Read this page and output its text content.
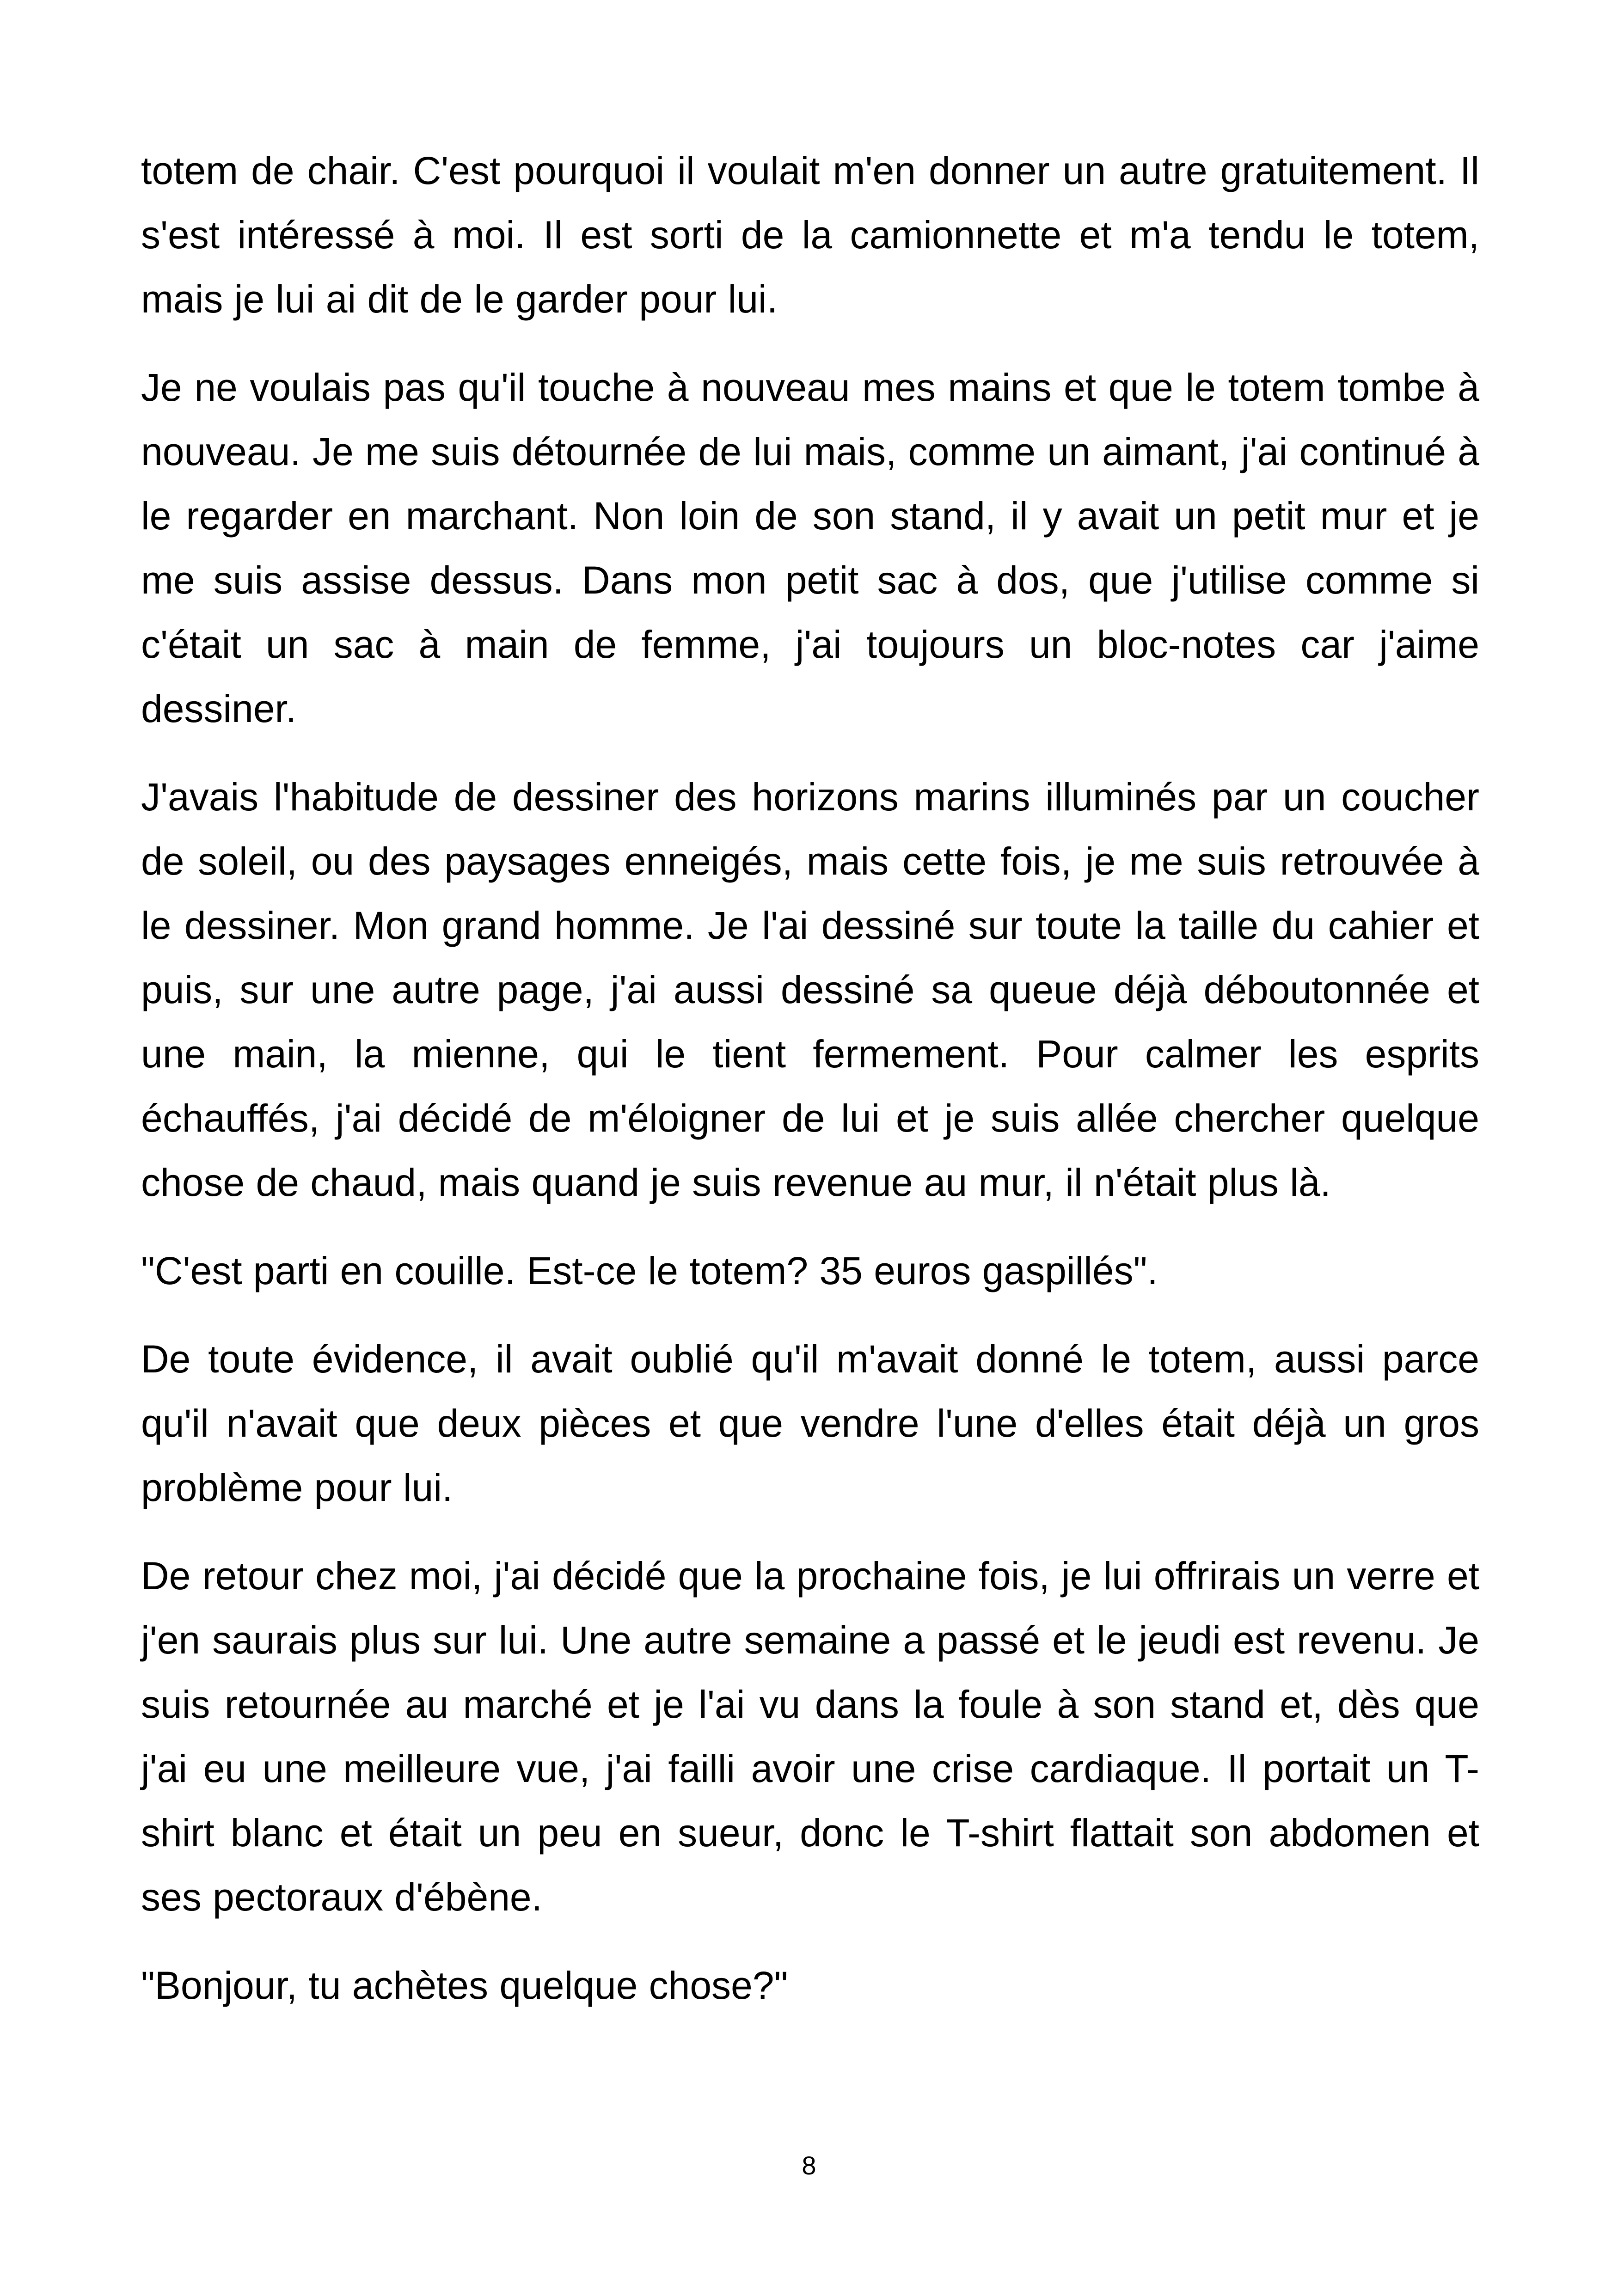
totem de chair. C'est pourquoi il voulait m'en donner un autre gratuitement. Il s'est intéressé à moi. Il est sorti de la camionnette et m'a tendu le totem, mais je lui ai dit de le garder pour lui.

Je ne voulais pas qu'il touche à nouveau mes mains et que le totem tombe à nouveau. Je me suis détournée de lui mais, comme un aimant, j'ai continué à le regarder en marchant. Non loin de son stand, il y avait un petit mur et je me suis assise dessus. Dans mon petit sac à dos, que j'utilise comme si c'était un sac à main de femme, j'ai toujours un bloc-notes car j'aime dessiner.

J'avais l'habitude de dessiner des horizons marins illuminés par un coucher de soleil, ou des paysages enneigés, mais cette fois, je me suis retrouvée à le dessiner. Mon grand homme. Je l'ai dessiné sur toute la taille du cahier et puis, sur une autre page, j'ai aussi dessiné sa queue déjà déboutonnée et une main, la mienne, qui le tient fermement. Pour calmer les esprits échauffés, j'ai décidé de m'éloigner de lui et je suis allée chercher quelque chose de chaud, mais quand je suis revenue au mur, il n'était plus là.

"C'est parti en couille. Est-ce le totem? 35 euros gaspillés".

De toute évidence, il avait oublié qu'il m'avait donné le totem, aussi parce qu'il n'avait que deux pièces et que vendre l'une d'elles était déjà un gros problème pour lui.

De retour chez moi, j'ai décidé que la prochaine fois, je lui offrirais un verre et j'en saurais plus sur lui. Une autre semaine a passé et le jeudi est revenu. Je suis retournée au marché et je l'ai vu dans la foule à son stand et, dès que j'ai eu une meilleure vue, j'ai failli avoir une crise cardiaque. Il portait un T-shirt blanc et était un peu en sueur, donc le T-shirt flattait son abdomen et ses pectoraux d'ébène.

"Bonjour, tu achètes quelque chose?"

8
